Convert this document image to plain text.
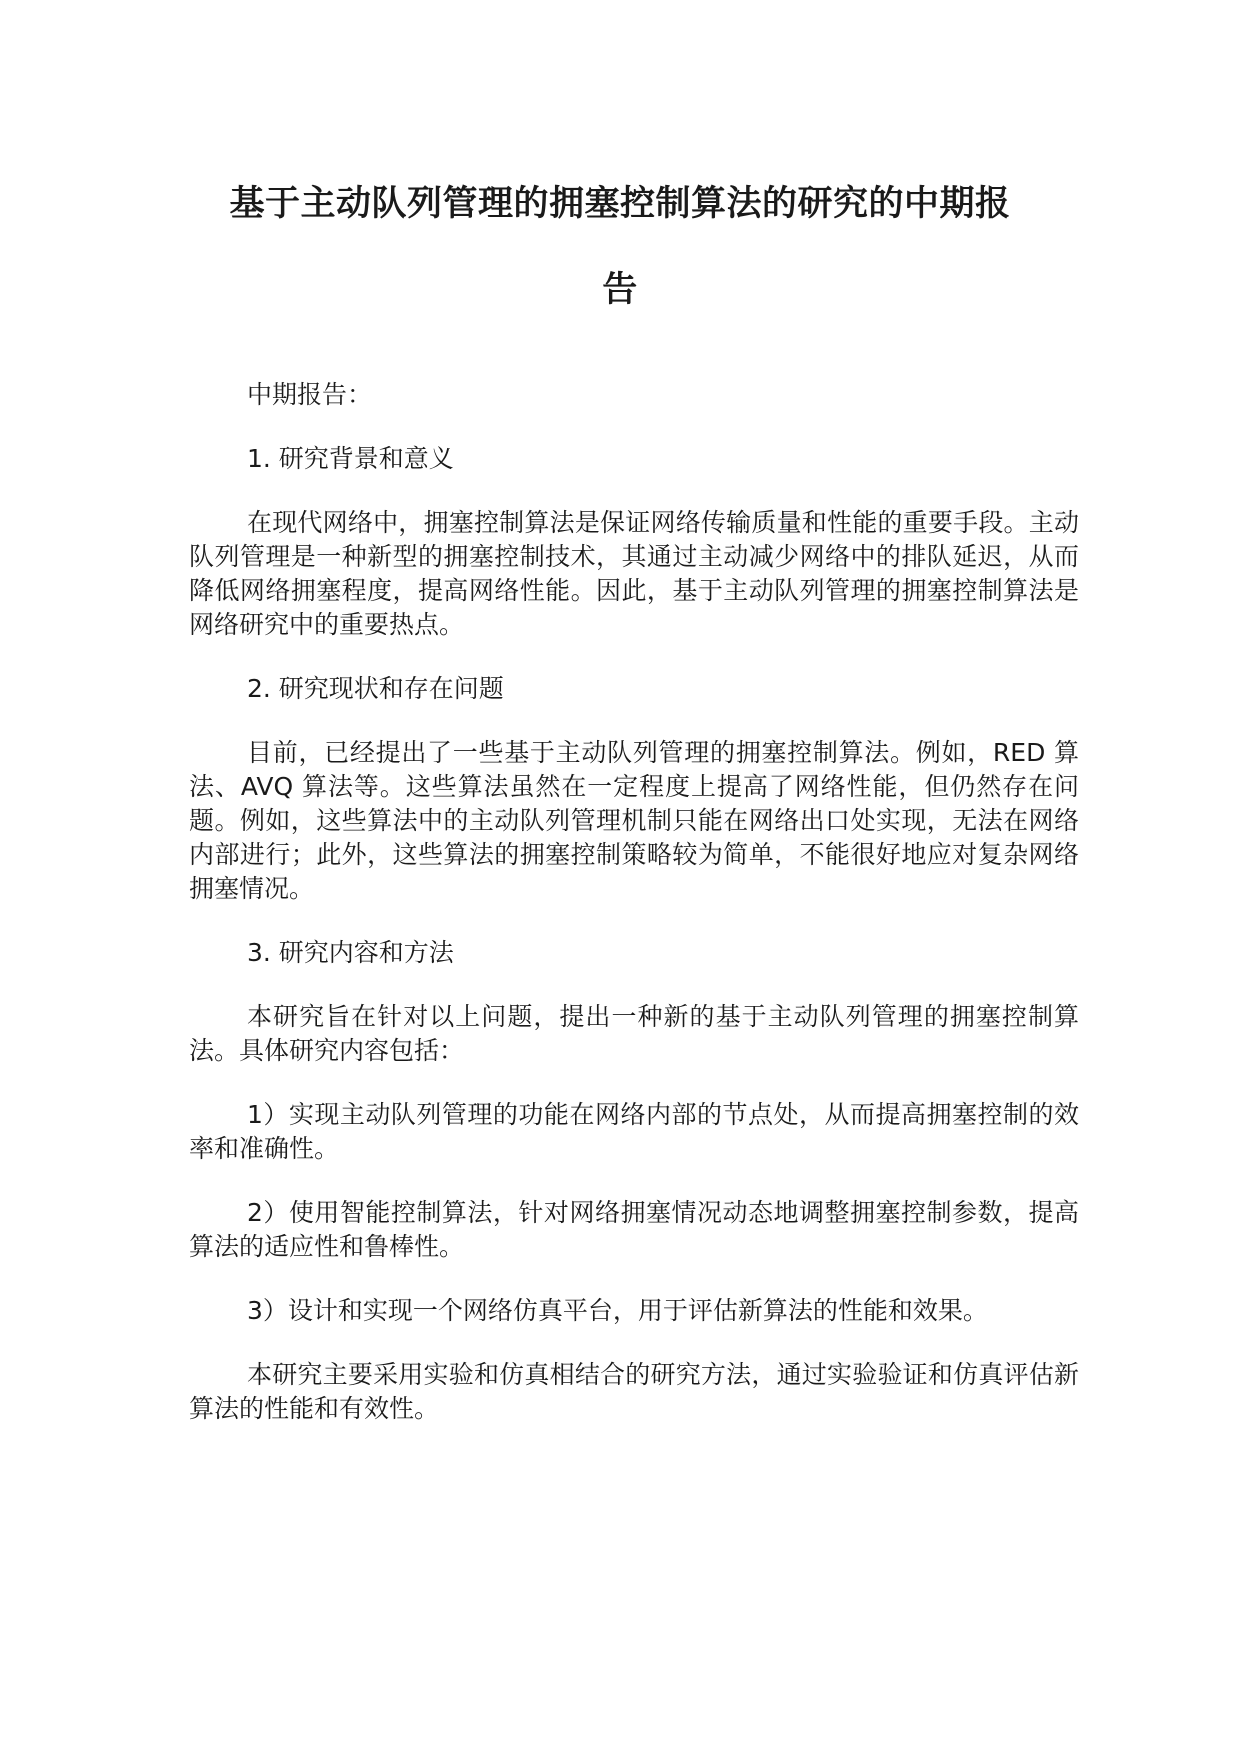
基于主动队列管理的拥塞控制算法的研究的中期报
告

中期报告：

1. 研究背景和意义

在现代网络中，拥塞控制算法是保证网络传输质量和性能的重要手段。主动队列管理是一种新型的拥塞控制技术，其通过主动减少网络中的排队延迟，从而降低网络拥塞程度，提高网络性能。因此，基于主动队列管理的拥塞控制算法是网络研究中的重要热点。

2. 研究现状和存在问题

目前，已经提出了一些基于主动队列管理的拥塞控制算法。例如，RED 算法、AVQ 算法等。这些算法虽然在一定程度上提高了网络性能，但仍然存在问题。例如，这些算法中的主动队列管理机制只能在网络出口处实现，无法在网络内部进行；此外，这些算法的拥塞控制策略较为简单，不能很好地应对复杂网络拥塞情况。

3. 研究内容和方法

本研究旨在针对以上问题，提出一种新的基于主动队列管理的拥塞控制算法。具体研究内容包括：

1）实现主动队列管理的功能在网络内部的节点处，从而提高拥塞控制的效率和准确性。

2）使用智能控制算法，针对网络拥塞情况动态地调整拥塞控制参数，提高算法的适应性和鲁棒性。

3）设计和实现一个网络仿真平台，用于评估新算法的性能和效果。

本研究主要采用实验和仿真相结合的研究方法，通过实验验证和仿真评估新算法的性能和有效性。
